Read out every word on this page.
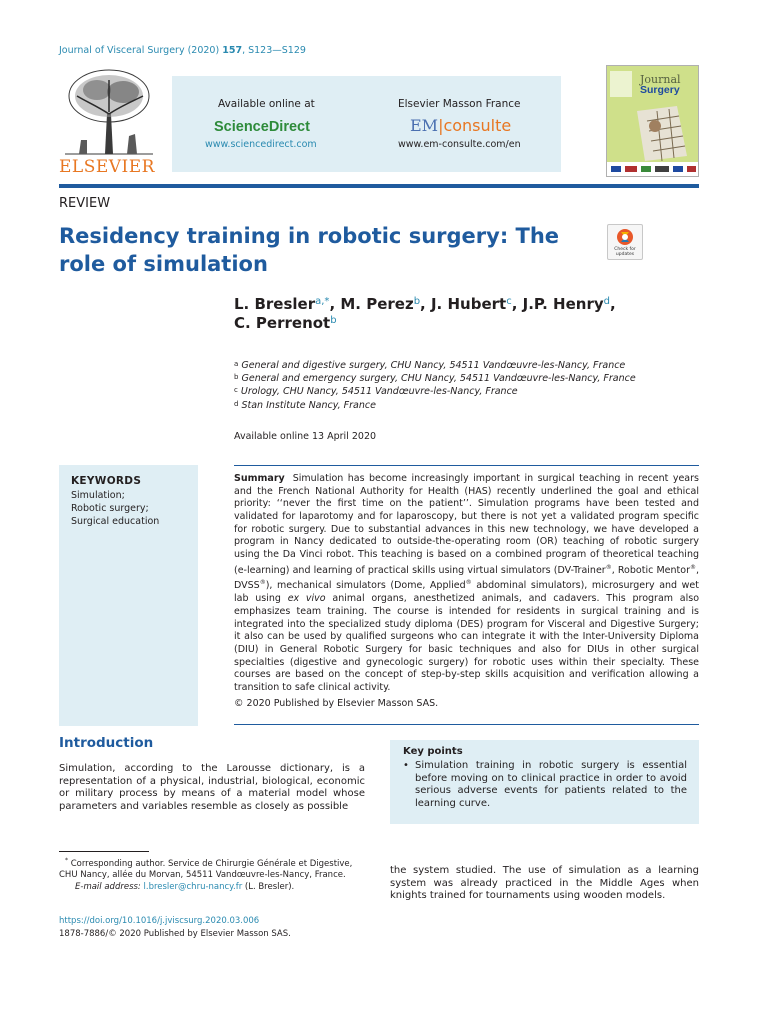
Journal of Visceral Surgery (2020) 157, S123—S129
ELSEVIER
Available online at
ScienceDirect
www.sciencedirect.com
Elsevier Masson France
EM|consulte
www.em-consulte.com/en
Journal
Surgery
REVIEW
Residency training in robotic surgery: The role of simulation
Check for updates
L. Bresler$^{a,*}$, M. Perez$^b$, J. Hubert$^c$, J.P. Henry$^d$,
C. Perrenot$^b$
$^a$ General and digestive surgery, CHU Nancy, 54511 Vandœuvre-les-Nancy, France
$^b$ General and emergency surgery, CHU Nancy, 54511 Vandœuvre-les-Nancy, France
$^c$ Urology, CHU Nancy, 54511 Vandœuvre-les-Nancy, France
$^d$ Stan Institute Nancy, France
Available online 13 April 2020
KEYWORDS
Simulation;
Robotic surgery;
Surgical education
Summary Simulation has become increasingly important in surgical teaching in recent years and the French National Authority for Health (HAS) recently underlined the goal and ethical priority: ‘‘never the first time on the patient’’. Simulation programs have been tested and validated for laparotomy and for laparoscopy, but there is not yet a validated program specific for robotic surgery. Due to substantial advances in this new technology, we have developed a program in Nancy dedicated to outside-the-operating room (OR) teaching of robotic surgery using the Da Vinci robot. This teaching is based on a combined program of theoretical teaching (e-learning) and learning of practical skills using virtual simulators (DV-Trainer®, Robotic Mentor®, DVSS®), mechanical simulators (Dome, Applied® abdominal simulators), microsurgery and wet lab using ex vivo animal organs, anesthetized animals, and cadavers. This program also emphasizes team training. The course is intended for residents in surgical training and is integrated into the specialized study diploma (DES) program for Visceral and Digestive Surgery; it also can be used by qualified surgeons who can integrate it with the Inter-University Diploma (DIU) in General Robotic Surgery for basic techniques and also for DIUs in other surgical specialties (digestive and gynecologic surgery) for robotic uses within their specialty. These courses are based on the concept of step-by-step skills acquisition and verification allowing a transition to safe clinical activity.
© 2020 Published by Elsevier Masson SAS.
Introduction
Simulation, according to the Larousse dictionary, is a representation of a physical, industrial, biological, economic or military process by means of a material model whose parameters and variables resemble as closely as possible
Key points
• Simulation training in robotic surgery is essential before moving on to clinical practice in order to avoid serious adverse events for patients related to the learning curve.
* Corresponding author. Service de Chirurgie Générale et Digestive, CHU Nancy, allée du Morvan, 54511 Vandœuvre-les-Nancy, France.
E-mail address: l.bresler@chru-nancy.fr (L. Bresler).
the system studied. The use of simulation as a learning system was already practiced in the Middle Ages when knights trained for tournaments using wooden models.
https://doi.org/10.1016/j.jviscsurg.2020.03.006
1878-7886/© 2020 Published by Elsevier Masson SAS.
